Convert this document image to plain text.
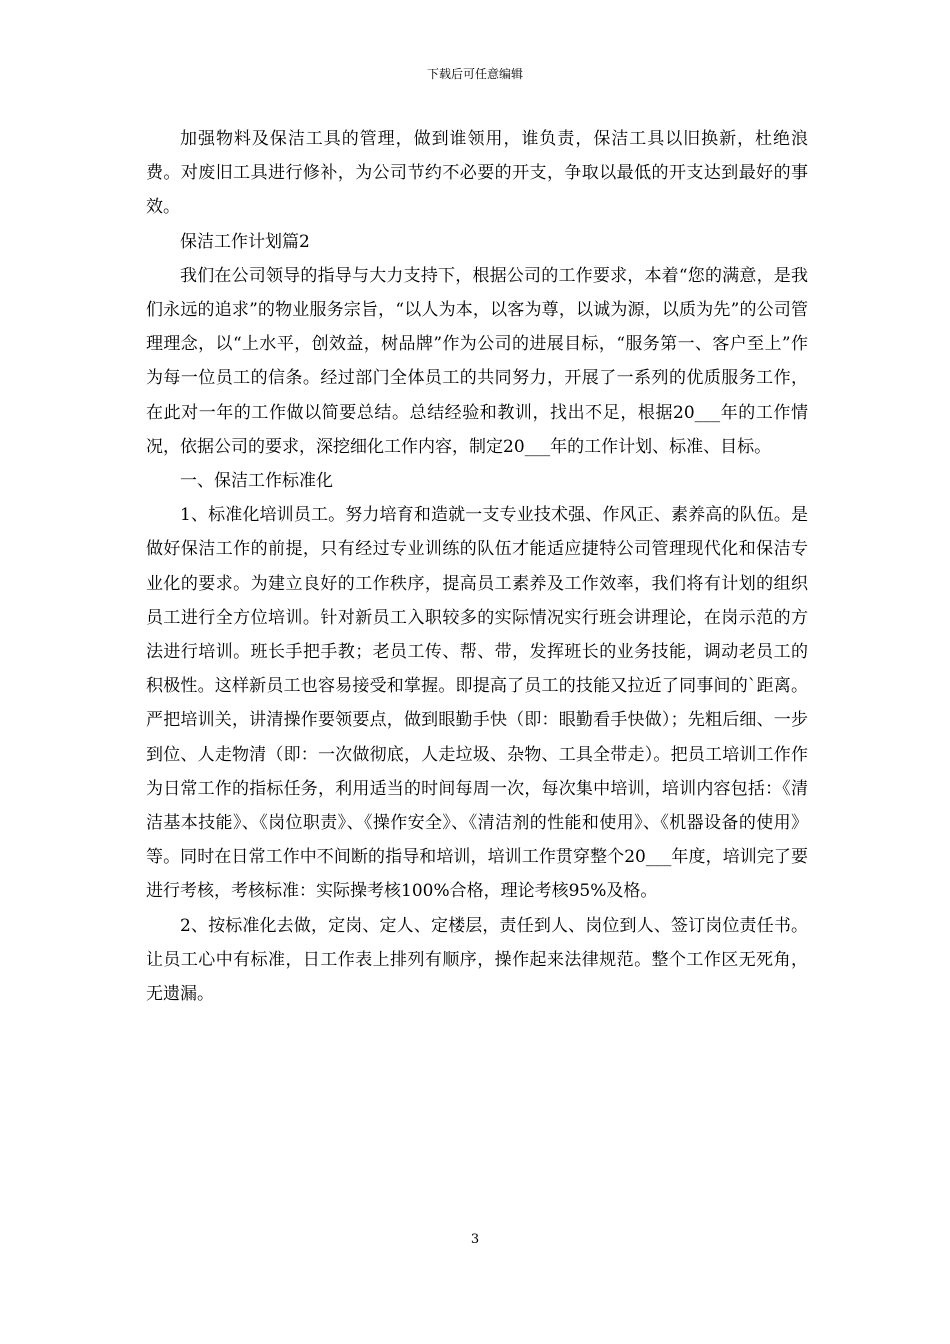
下载后可任意编辑

加强物料及保洁工具的管理，做到谁领用，谁负责，保洁工具以旧换新，杜绝浪费。对废旧工具进行修补，为公司节约不必要的开支，争取以最低的开支达到最好的事效。

保洁工作计划篇2

我们在公司领导的指导与大力支持下，根据公司的工作要求，本着“您的满意，是我们永远的追求”的物业服务宗旨，“以人为本，以客为尊，以诚为源，以质为先”的公司管理理念，以“上水平，创效益，树品牌”作为公司的进展目标，“服务第一、客户至上”作为每一位员工的信条。经过部门全体员工的共同努力，开展了一系列的优质服务工作，在此对一年的工作做以简要总结。总结经验和教训，找出不足，根据20___年的工作情况，依据公司的要求，深挖细化工作内容，制定20___年的工作计划、标准、目标。

一、保洁工作标准化

1、标准化培训员工。努力培育和造就一支专业技术强、作风正、素养高的队伍。是做好保洁工作的前提，只有经过专业训练的队伍才能适应捷特公司管理现代化和保洁专业化的要求。为建立良好的工作秩序，提高员工素养及工作效率，我们将有计划的组织员工进行全方位培训。针对新员工入职较多的实际情况实行班会讲理论，在岗示范的方法进行培训。班长手把手教；老员工传、帮、带，发挥班长的业务技能，调动老员工的积极性。这样新员工也容易接受和掌握。即提高了员工的技能又拉近了同事间的`距离。严把培训关，讲清操作要领要点，做到眼勤手快（即：眼勤看手快做）；先粗后细、一步到位、人走物清（即：一次做彻底，人走垃圾、杂物、工具全带走）。把员工培训工作作为日常工作的指标任务，利用适当的时间每周一次，每次集中培训，培训内容包括：《清洁基本技能》、《岗位职责》、《操作安全》、《清洁剂的性能和使用》、《机器设备的使用》等。同时在日常工作中不间断的指导和培训，培训工作贯穿整个20___年度，培训完了要进行考核，考核标准：实际操考核100%合格，理论考核95%及格。

2、按标准化去做，定岗、定人、定楼层，责任到人、岗位到人、签订岗位责任书。让员工心中有标准，日工作表上排列有顺序，操作起来法律规范。整个工作区无死角，无遗漏。

3
